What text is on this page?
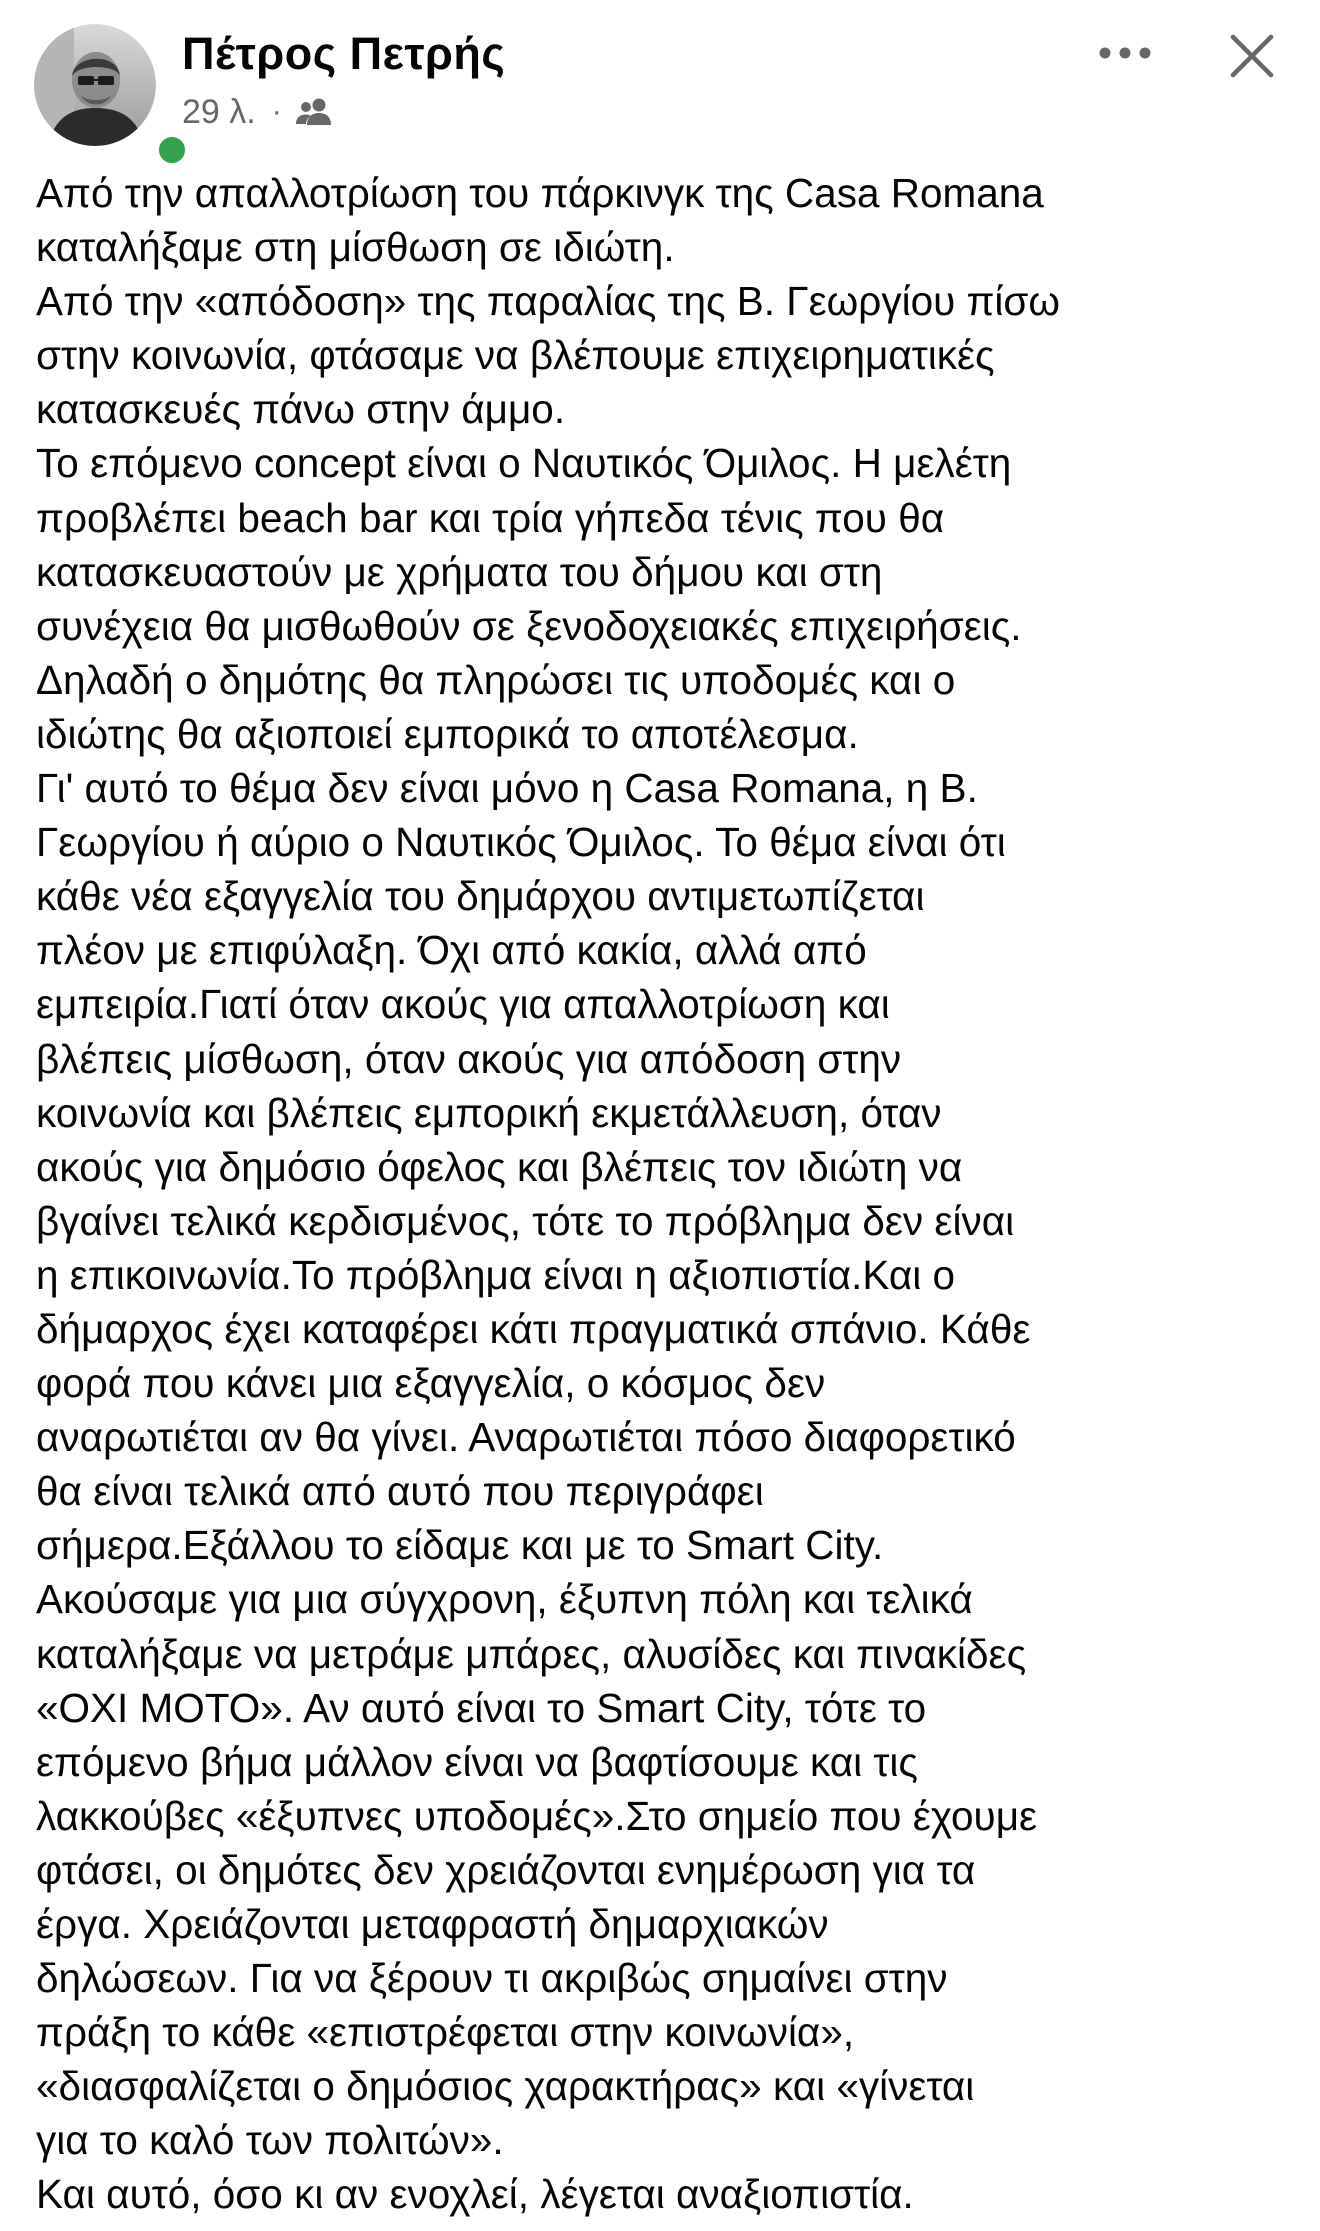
Πέτρος Πετρής
29 λ. ·
Από την απαλλοτρίωση του πάρκινγκ της Casa Romana
καταλήξαμε στη μίσθωση σε ιδιώτη.
Από την «απόδοση» της παραλίας της Β. Γεωργίου πίσω
στην κοινωνία, φτάσαμε να βλέπουμε επιχειρηματικές
κατασκευές πάνω στην άμμο.
Το επόμενο concept είναι ο Ναυτικός Όμιλος. Η μελέτη
προβλέπει beach bar και τρία γήπεδα τένις που θα
κατασκευαστούν με χρήματα του δήμου και στη
συνέχεια θα μισθωθούν σε ξενοδοχειακές επιχειρήσεις.
Δηλαδή ο δημότης θα πληρώσει τις υποδομές και ο
ιδιώτης θα αξιοποιεί εμπορικά το αποτέλεσμα.
Γι' αυτό το θέμα δεν είναι μόνο η Casa Romana, η Β.
Γεωργίου ή αύριο ο Ναυτικός Όμιλος. Το θέμα είναι ότι
κάθε νέα εξαγγελία του δημάρχου αντιμετωπίζεται
πλέον με επιφύλαξη. Όχι από κακία, αλλά από
εμπειρία.Γιατί όταν ακούς για απαλλοτρίωση και
βλέπεις μίσθωση, όταν ακούς για απόδοση στην
κοινωνία και βλέπεις εμπορική εκμετάλλευση, όταν
ακούς για δημόσιο όφελος και βλέπεις τον ιδιώτη να
βγαίνει τελικά κερδισμένος, τότε το πρόβλημα δεν είναι
η επικοινωνία.Το πρόβλημα είναι η αξιοπιστία.Και ο
δήμαρχος έχει καταφέρει κάτι πραγματικά σπάνιο. Κάθε
φορά που κάνει μια εξαγγελία, ο κόσμος δεν
αναρωτιέται αν θα γίνει. Αναρωτιέται πόσο διαφορετικό
θα είναι τελικά από αυτό που περιγράφει
σήμερα.Εξάλλου το είδαμε και με το Smart City.
Ακούσαμε για μια σύγχρονη, έξυπνη πόλη και τελικά
καταλήξαμε να μετράμε μπάρες, αλυσίδες και πινακίδες
«ΟΧΙ ΜΟΤΟ». Αν αυτό είναι το Smart City, τότε το
επόμενο βήμα μάλλον είναι να βαφτίσουμε και τις
λακκούβες «έξυπνες υποδομές».Στο σημείο που έχουμε
φτάσει, οι δημότες δεν χρειάζονται ενημέρωση για τα
έργα. Χρειάζονται μεταφραστή δημαρχιακών
δηλώσεων. Για να ξέρουν τι ακριβώς σημαίνει στην
πράξη το κάθε «επιστρέφεται στην κοινωνία»,
«διασφαλίζεται ο δημόσιος χαρακτήρας» και «γίνεται
για το καλό των πολιτών».
Και αυτό, όσο κι αν ενοχλεί, λέγεται αναξιοπιστία.
